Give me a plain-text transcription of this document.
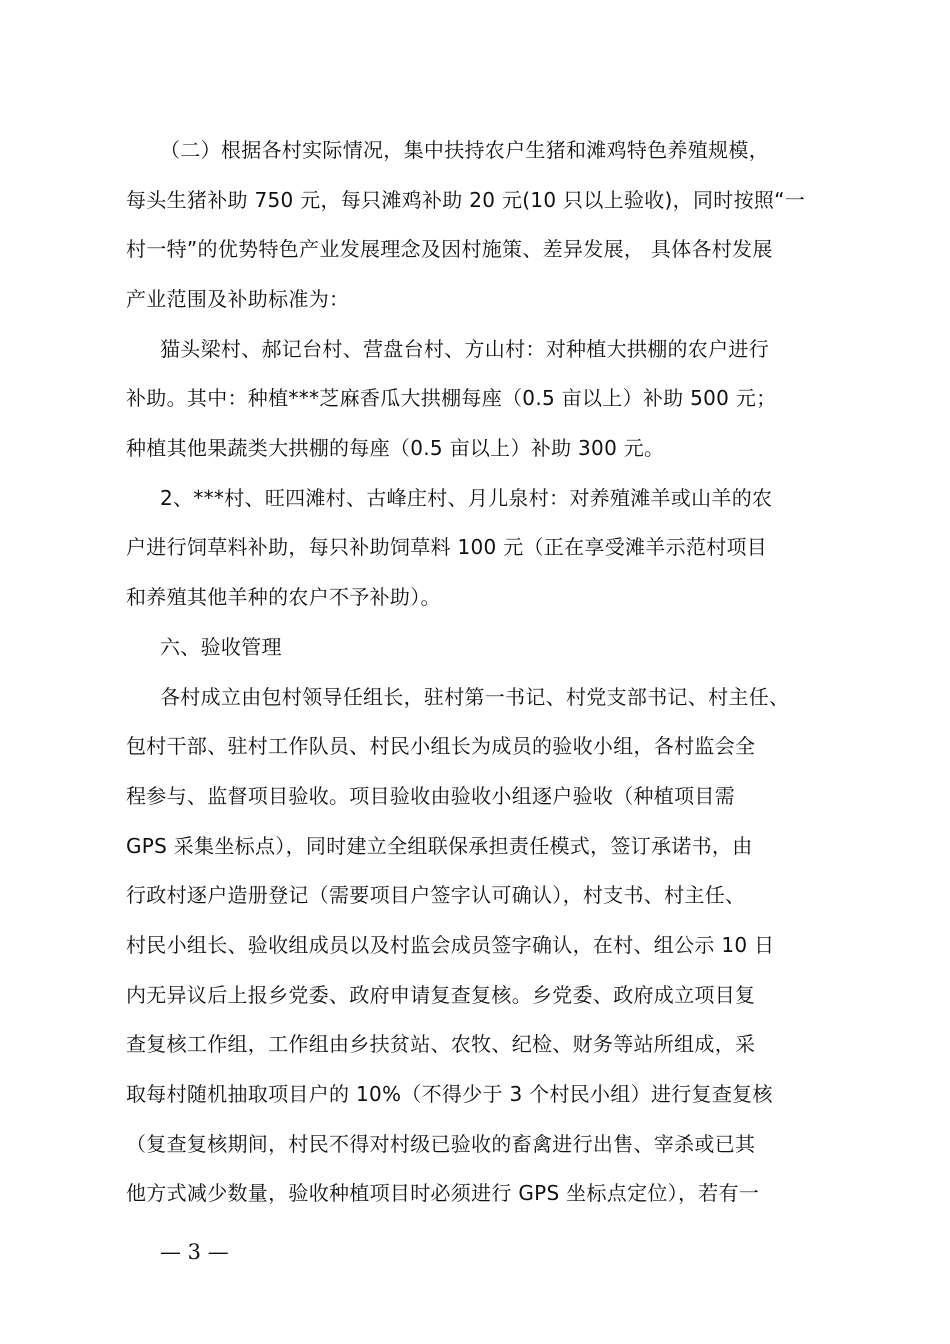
（二）根据各村实际情况，集中扶持农户生猪和滩鸡特色养殖规模，
每头生猪补助 750 元，每只滩鸡补助 20 元(10 只以上验收)，同时按照“一
村一特”的优势特色产业发展理念及因村施策、差异发展， 具体各村发展
产业范围及补助标准为：
猫头梁村、郝记台村、营盘台村、方山村：对种植大拱棚的农户进行
补助。其中：种植***芝麻香瓜大拱棚每座（0.5 亩以上）补助 500 元；
种植其他果蔬类大拱棚的每座（0.5 亩以上）补助 300 元。
2、***村、旺四滩村、古峰庄村、月儿泉村：对养殖滩羊或山羊的农
户进行饲草料补助，每只补助饲草料 100 元（正在享受滩羊示范村项目
和养殖其他羊种的农户不予补助）。
六、验收管理
各村成立由包村领导任组长，驻村第一书记、村党支部书记、村主任、
包村干部、驻村工作队员、村民小组长为成员的验收小组，各村监会全
程参与、监督项目验收。项目验收由验收小组逐户验收（种植项目需
GPS 采集坐标点），同时建立全组联保承担责任模式，签订承诺书，由
行政村逐户造册登记（需要项目户签字认可确认），村支书、村主任、
村民小组长、验收组成员以及村监会成员签字确认，在村、组公示 10 日
内无异议后上报乡党委、政府申请复查复核。乡党委、政府成立项目复
查复核工作组，工作组由乡扶贫站、农牧、纪检、财务等站所组成，采
取每村随机抽取项目户的 10%（不得少于 3 个村民小组）进行复查复核
（复查复核期间，村民不得对村级已验收的畜禽进行出售、宰杀或已其
他方式减少数量，验收种植项目时必须进行 GPS 坐标点定位），若有一
— 3 —
